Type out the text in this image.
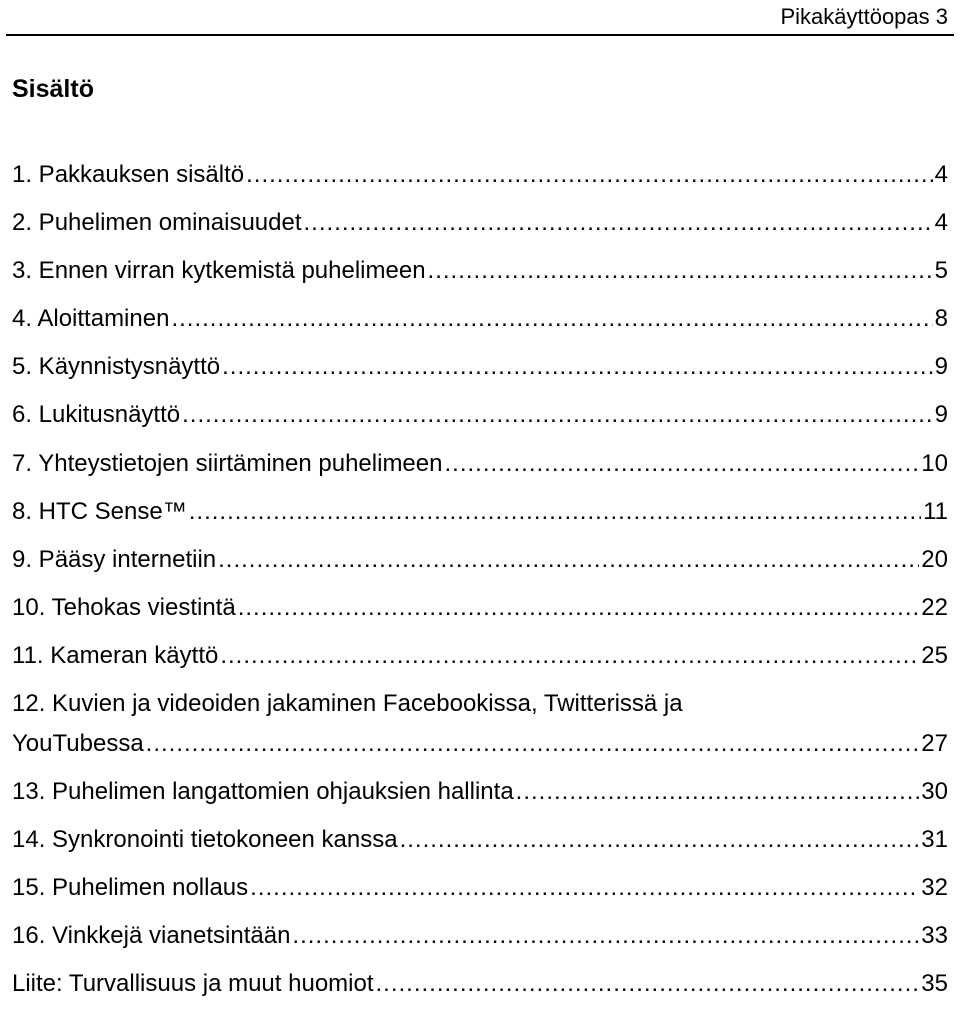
Pikakäyttöopas 3
Sisältö
1. Pakkauksen sisältö .....	4
2. Puhelimen ominaisuudet .....	4
3. Ennen virran kytkemistä puhelimeen .....	5
4. Aloittaminen .....	8
5. Käynnistysnäyttö .....	9
6. Lukitusnäyttö .....	9
7. Yhteystietojen siirtäminen puhelimeen .....	10
8. HTC Sense™ .....	11
9. Pääsy internetiin .....	20
10. Tehokas viestintä .....	22
11. Kameran käyttö .....	25
12. Kuvien ja videoiden jakaminen Facebookissa, Twitterissä ja
YouTubessa .....	27
13. Puhelimen langattomien ohjauksien hallinta .....	30
14. Synkronointi tietokoneen kanssa .....	31
15. Puhelimen nollaus .....	32
16. Vinkkejä vianetsintään .....	33
Liite: Turvallisuus ja muut huomiot .....	35
